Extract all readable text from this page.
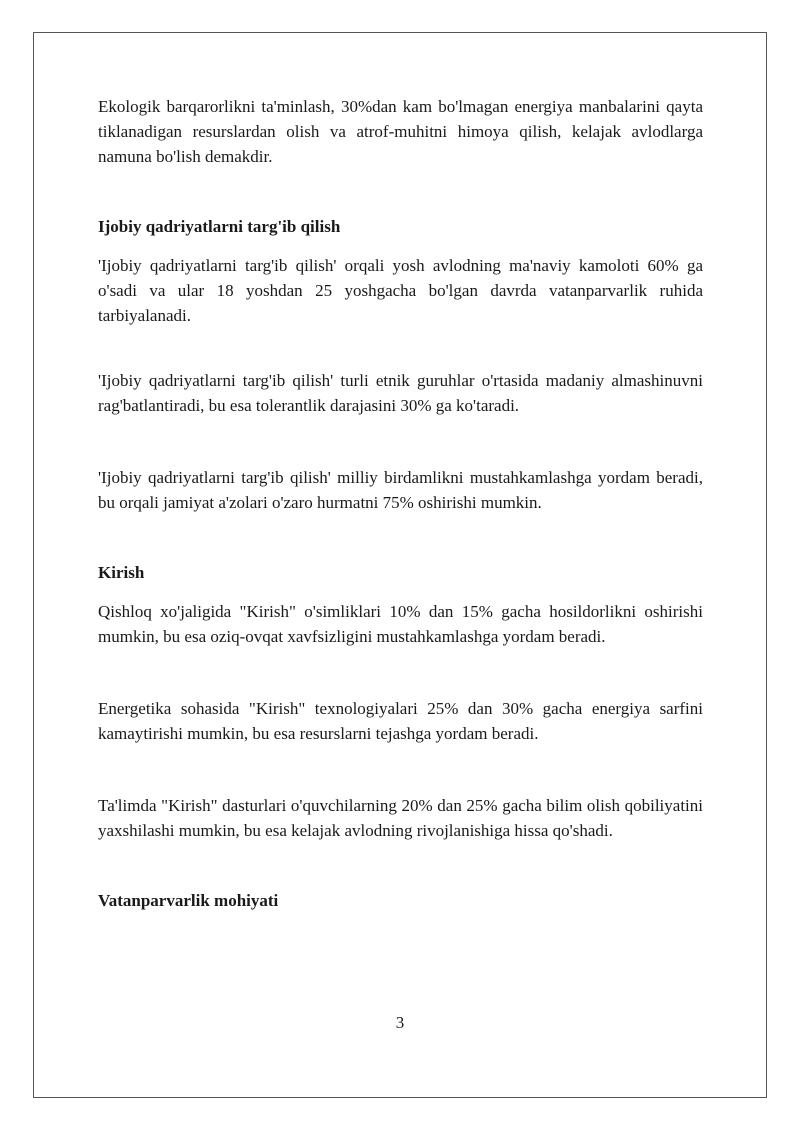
Ekologik barqarorlikni ta'minlash, 30%dan kam bo'lmagan energiya manbalarini qayta tiklanadigan resurslardan olish va atrof-muhitni himoya qilish, kelajak avlodlarga namuna bo'lish demakdir.

Ijobiy qadriyatlarni targ'ib qilish

'Ijobiy qadriyatlarni targ'ib qilish' orqali yosh avlodning ma'naviy kamoloti 60% ga o'sadi va ular 18 yoshdan 25 yoshgacha bo'lgan davrda vatanparvarlik ruhida tarbiyalanadi.

'Ijobiy qadriyatlarni targ'ib qilish' turli etnik guruhlar o'rtasida madaniy almashinuvni rag'batlantiradi, bu esa tolerantlik darajasini 30% ga ko'taradi.

'Ijobiy qadriyatlarni targ'ib qilish' milliy birdamlikni mustahkamlashga yordam beradi, bu orqali jamiyat a'zolari o'zaro hurmatni 75% oshirishi mumkin.

Kirish

Qishloq xo'jaligida "Kirish" o'simliklari 10% dan 15% gacha hosildorlikni oshirishi mumkin, bu esa oziq-ovqat xavfsizligini mustahkamlashga yordam beradi.

Energetika sohasida "Kirish" texnologiyalari 25% dan 30% gacha energiya sarfini kamaytirishi mumkin, bu esa resurslarni tejashga yordam beradi.

Ta'limda "Kirish" dasturlari o'quvchilarning 20% dan 25% gacha bilim olish qobiliyatini yaxshilashi mumkin, bu esa kelajak avlodning rivojlanishiga hissa qo'shadi.

Vatanparvarlik mohiyati
3
